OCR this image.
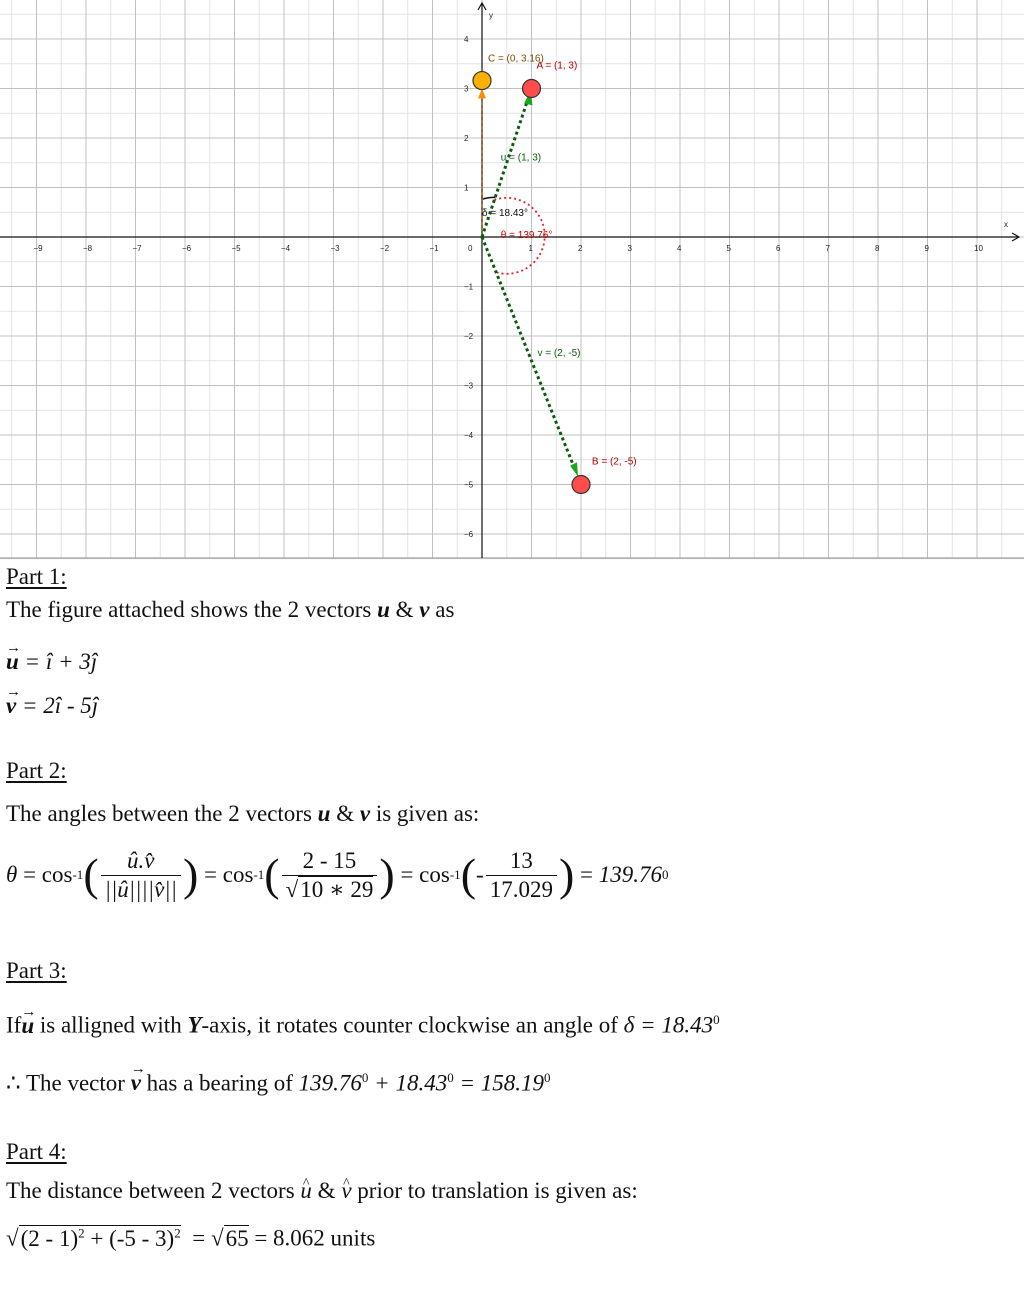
x
y
−9	−8	−7	−6	−5	−4	−3	−2	−1	0	1	2	3	4	5	6	7	8	9	10
4
3
2
1
−1
−2
−3
−4
−5
−6
C = (0, 3.16)
A = (1, 3)
u = (1, 3)
v = (2, -5)
B = (2, -5)
δ = 18.43°
θ = 139.76°

Part 1:

The figure attached shows the 2 vectors u & v as

→ u = î + 3ĵ

→ v = 2î - 5ĵ

Part 2:

The angles between the 2 vectors u & v is given as:

θ = cos -1 ( $\frac{û.v̂}{||û||||v̂||}$ ) = cos -1 ( $\frac{2 - 15}{√10 ∗ 29}$ ) = cos -1 ( - $\frac{13}{17.029}$ ) = 139.76 0

Part 3:

If→ u is alligned with Y-axis, it rotates counter clockwise an angle of $\delta = 18.43^0$

∴ The vector → v has a bearing of $139.76^0 + 18.43^0 = 158.19^0$

Part 4:

The distance between 2 vectors ^ u & ^ v prior to translation is given as:

√(2 - 1)$^2$ + (-5 - 3)$^2$  = √65 = 8.062 units
